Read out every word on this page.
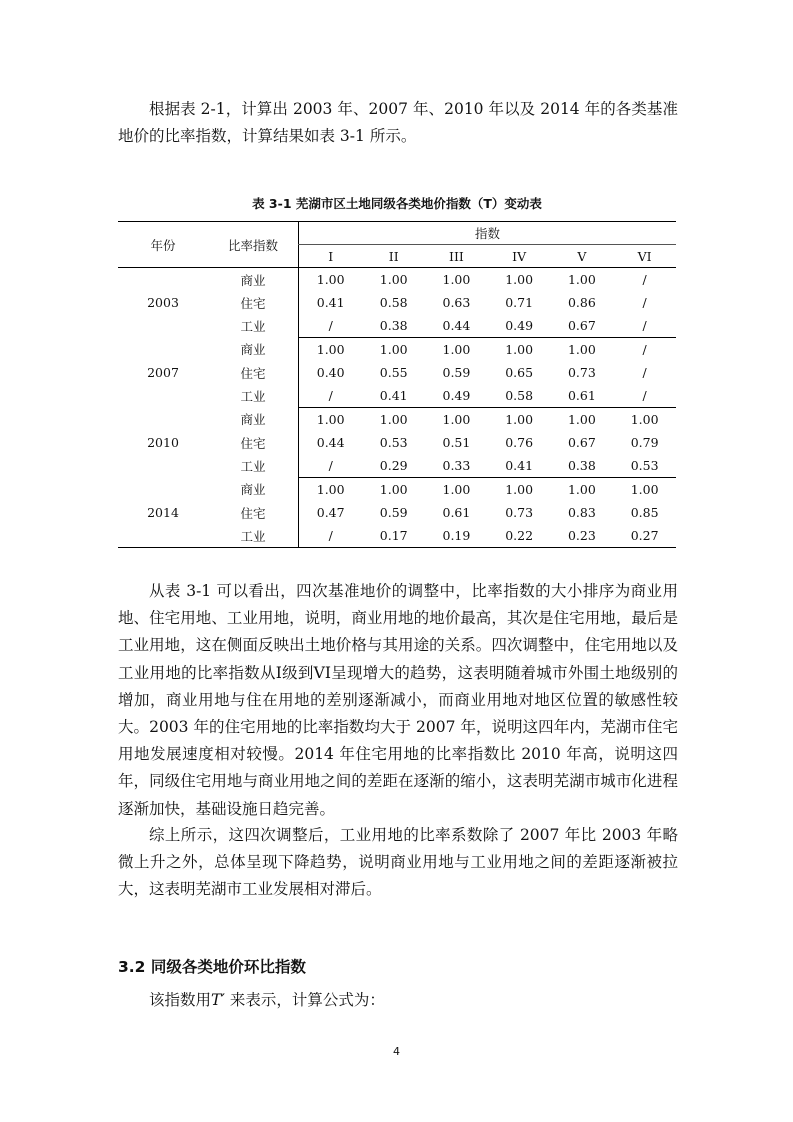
根据表 2-1，计算出 2003 年、2007 年、2010 年以及 2014 年的各类基准地价的比率指数，计算结果如表 3-1 所示。

表 3-1 芜湖市区土地同级各类地价指数（T）变动表

年份	比率指数	指数					
		I	II	III	IV	V	VI
2003	商业	1.00	1.00	1.00	1.00	1.00	/
	住宅	0.41	0.58	0.63	0.71	0.86	/
	工业	/	0.38	0.44	0.49	0.67	/
2007	商业	1.00	1.00	1.00	1.00	1.00	/
	住宅	0.40	0.55	0.59	0.65	0.73	/
	工业	/	0.41	0.49	0.58	0.61	/
2010	商业	1.00	1.00	1.00	1.00	1.00	1.00
	住宅	0.44	0.53	0.51	0.76	0.67	0.79
	工业	/	0.29	0.33	0.41	0.38	0.53
2014	商业	1.00	1.00	1.00	1.00	1.00	1.00
	住宅	0.47	0.59	0.61	0.73	0.83	0.85
	工业	/	0.17	0.19	0.22	0.23	0.27

从表 3-1 可以看出，四次基准地价的调整中，比率指数的大小排序为商业用地、住宅用地、工业用地，说明，商业用地的地价最高，其次是住宅用地，最后是工业用地，这在侧面反映出土地价格与其用途的关系。四次调整中，住宅用地以及工业用地的比率指数从I级到VI呈现增大的趋势，这表明随着城市外围土地级别的增加，商业用地与住在用地的差别逐渐减小，而商业用地对地区位置的敏感性较大。2003 年的住宅用地的比率指数均大于 2007 年，说明这四年内，芜湖市住宅用地发展速度相对较慢。2014 年住宅用地的比率指数比 2010 年高，说明这四年，同级住宅用地与商业用地之间的差距在逐渐的缩小，这表明芜湖市城市化进程逐渐加快，基础设施日趋完善。

综上所示，这四次调整后，工业用地的比率系数除了 2007 年比 2003 年略微上升之外，总体呈现下降趋势，说明商业用地与工业用地之间的差距逐渐被拉大，这表明芜湖市工业发展相对滞后。

3.2 同级各类地价环比指数

该指数用T′ 来表示，计算公式为：

4
